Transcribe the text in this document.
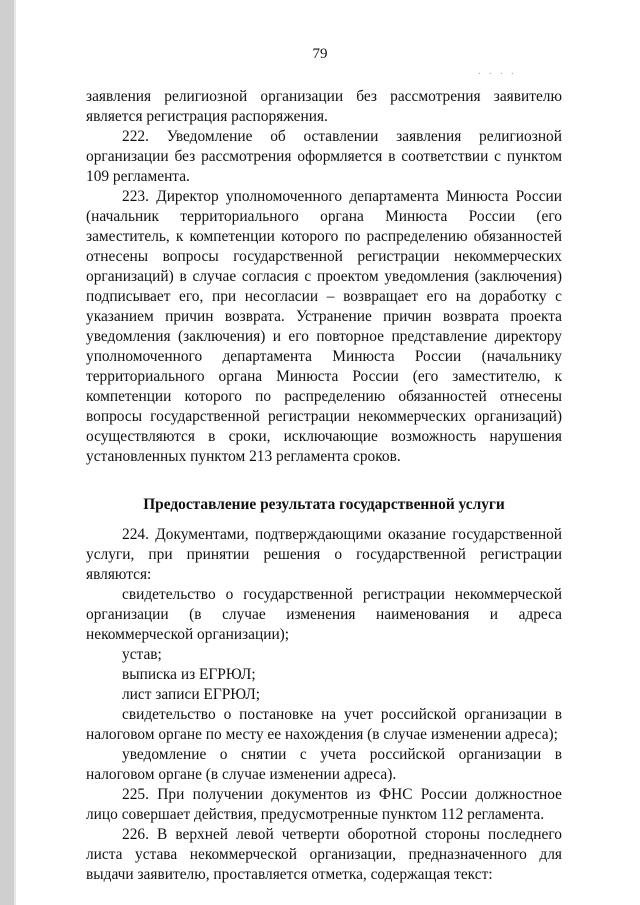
79
. . . .

заявления религиозной организации без рассмотрения заявителю является регистрация распоряжения.

222. Уведомление об оставлении заявления религиозной организации без рассмотрения оформляется в соответствии с пунктом 109 регламента.

223. Директор уполномоченного департамента Минюста России (начальник территориального органа Минюста России (его заместитель, к компетенции которого по распределению обязанностей отнесены вопросы государственной регистрации некоммерческих организаций) в случае согласия с проектом уведомления (заключения) подписывает его, при несогласии – возвращает его на доработку с указанием причин возврата. Устранение причин возврата проекта уведомления (заключения) и его повторное представление директору уполномоченного департамента Минюста России (начальнику территориального органа Минюста России (его заместителю, к компетенции которого по распределению обязанностей отнесены вопросы государственной регистрации некоммерческих организаций) осуществляются в сроки, исключающие возможность нарушения установленных пунктом 213 регламента сроков.

Предоставление результата государственной услуги

224. Документами, подтверждающими оказание государственной услуги, при принятии решения о государственной регистрации являются:

свидетельство о государственной регистрации некоммерческой организации (в случае изменения наименования и адреса некоммерческой организации);

устав;

выписка из ЕГРЮЛ;

лист записи ЕГРЮЛ;

свидетельство о постановке на учет российской организации в налоговом органе по месту ее нахождения (в случае изменении адреса);

уведомление о снятии с учета российской организации в налоговом органе (в случае изменении адреса).

225. При получении документов из ФНС России должностное лицо совершает действия, предусмотренные пунктом 112 регламента.

226. В верхней левой четверти оборотной стороны последнего листа устава некоммерческой организации, предназначенного для выдачи заявителю, проставляется отметка, содержащая текст:
